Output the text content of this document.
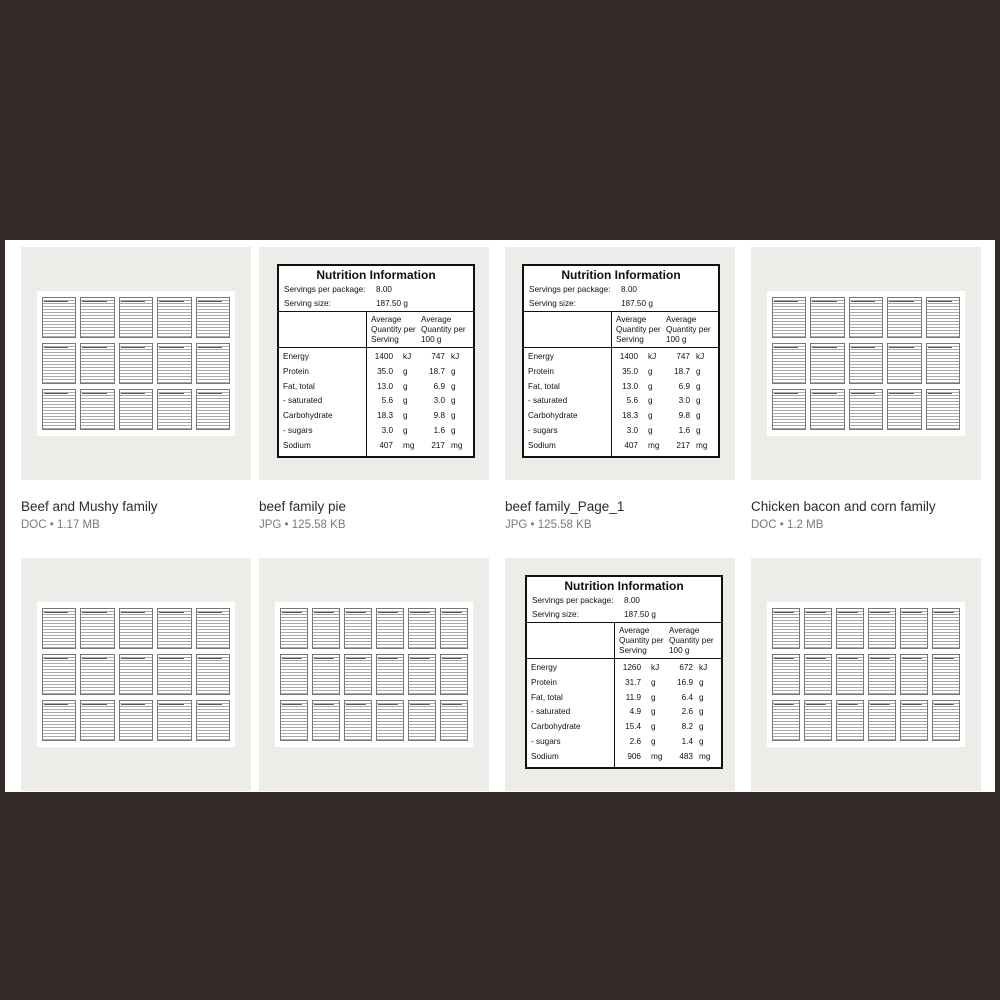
Beef and Mushy family
DOC • 1.17 MB
Nutrition Information
Servings per package: 8.00
Serving size:	187.50 g
Average Quantity per Serving
Average Quantity per 100 g
Energy	1400 kJ 747 kJ
Protein	35.0 g	18.7 g
Fat, total	13.0 g	6.9 g
- saturated	5.6 g	3.0 g
Carbohydrate	18.3 g	9.8 g
- sugars	3.0 g	1.6 g
Sodium	407 mg 217 mg
beef family pie
JPG • 125.58 KB
Nutrition Information
Servings per package: 8.00
Serving size:	187.50 g
Average Quantity per Serving
Average Quantity per 100 g
Energy	1400 kJ 747 kJ
Protein	35.0 g	18.7 g
Fat, total	13.0 g	6.9 g
- saturated	5.6 g	3.0 g
Carbohydrate	18.3 g	9.8 g
- sugars	3.0 g	1.6 g
Sodium	407 mg 217 mg
beef family_Page_1
JPG • 125.58 KB
Chicken bacon and corn family
DOC • 1.2 MB
Nutrition Information
Servings per package: 8.00
Serving size:	187.50 g
Average Quantity per Serving
Average Quantity per 100 g
Energy	1260 kJ 672 kJ
Protein	31.7 g	16.9 g
Fat, total	11.9 g	6.4 g
- saturated	4.9 g	2.6 g
Carbohydrate	15.4 g	8.2 g
- sugars	2.6 g	1.4 g
Sodium	906 mg 483 mg
